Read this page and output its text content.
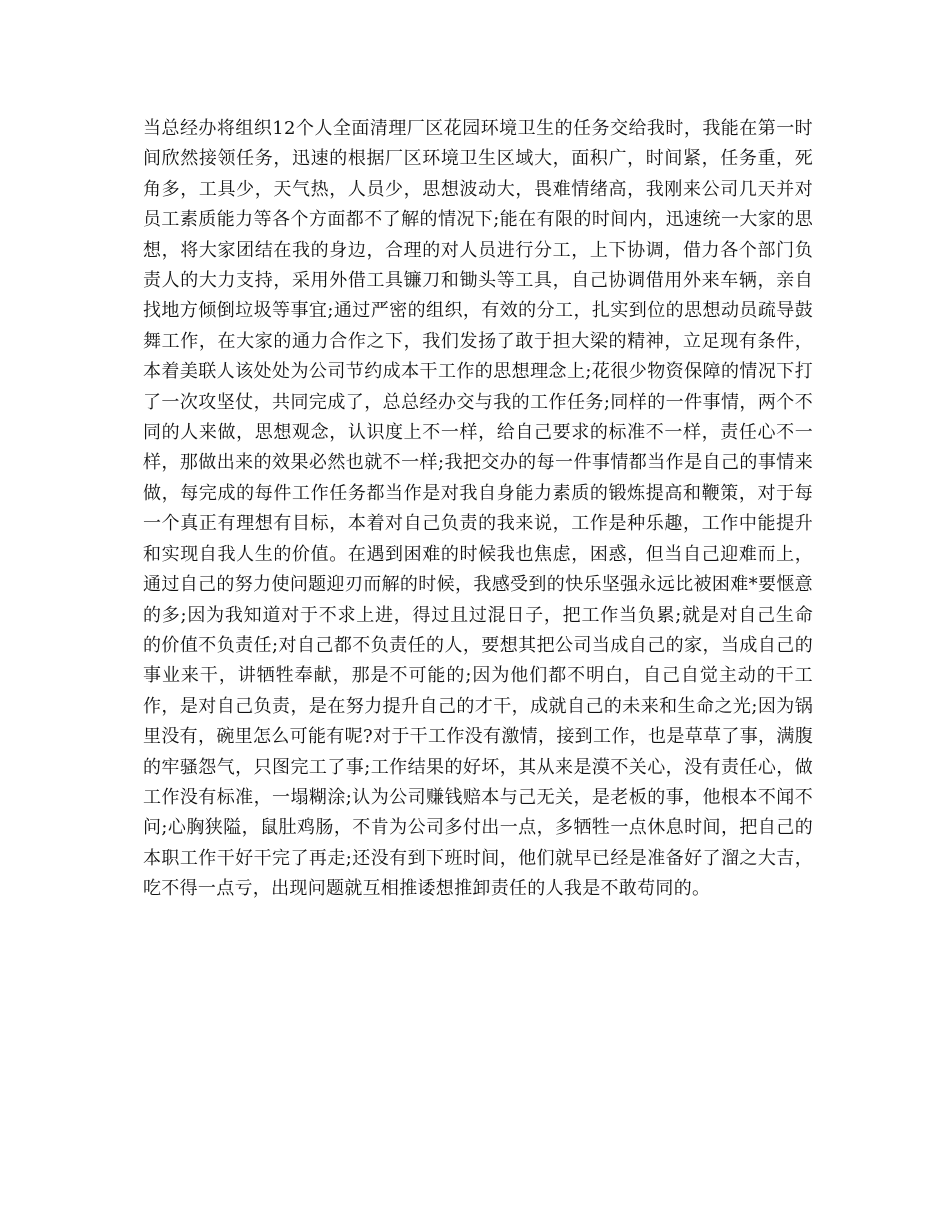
当总经办将组织12个人全面清理厂区花园环境卫生的任务交给我时，我能在第一时间欣然接领任务，迅速的根据厂区环境卫生区域大，面积广，时间紧，任务重，死角多，工具少，天气热，人员少，思想波动大，畏难情绪高，我刚来公司几天并对员工素质能力等各个方面都不了解的情况下;能在有限的时间内，迅速统一大家的思想，将大家团结在我的身边，合理的对人员进行分工，上下协调，借力各个部门负责人的大力支持，采用外借工具镰刀和锄头等工具，自己协调借用外来车辆，亲自找地方倾倒垃圾等事宜;通过严密的组织，有效的分工，扎实到位的思想动员疏导鼓舞工作，在大家的通力合作之下，我们发扬了敢于担大梁的精神，立足现有条件，本着美联人该处处为公司节约成本干工作的思想理念上;花很少物资保障的情况下打了一次攻坚仗，共同完成了，总总经办交与我的工作任务;同样的一件事情，两个不同的人来做，思想观念，认识度上不一样，给自己要求的标准不一样，责任心不一样，那做出来的效果必然也就不一样;我把交办的每一件事情都当作是自己的事情来做，每完成的每件工作任务都当作是对我自身能力素质的锻炼提高和鞭策，对于每一个真正有理想有目标，本着对自己负责的我来说，工作是种乐趣，工作中能提升和实现自我人生的价值。在遇到困难的时候我也焦虑，困惑，但当自己迎难而上，通过自己的努力使问题迎刃而解的时候，我感受到的快乐坚强永远比被困难*要惬意的多;因为我知道对于不求上进，得过且过混日子，把工作当负累;就是对自己生命的价值不负责任;对自己都不负责任的人，要想其把公司当成自己的家，当成自己的事业来干，讲牺牲奉献，那是不可能的;因为他们都不明白，自己自觉主动的干工作，是对自己负责，是在努力提升自己的才干，成就自己的未来和生命之光;因为锅里没有，碗里怎么可能有呢?对于干工作没有激情，接到工作，也是草草了事，满腹的牢骚怨气，只图完工了事;工作结果的好坏，其从来是漠不关心，没有责任心，做工作没有标准，一塌糊涂;认为公司赚钱赔本与己无关，是老板的事，他根本不闻不问;心胸狭隘，鼠肚鸡肠，不肯为公司多付出一点，多牺牲一点休息时间，把自己的本职工作干好干完了再走;还没有到下班时间，他们就早已经是准备好了溜之大吉，吃不得一点亏，出现问题就互相推诿想推卸责任的人我是不敢苟同的。
